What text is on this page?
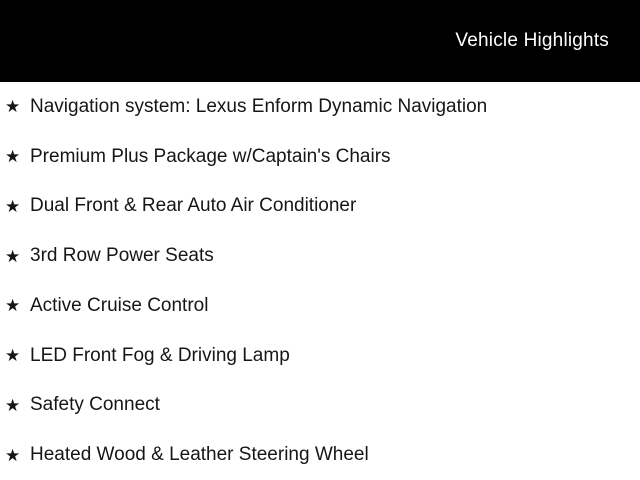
Vehicle Highlights
★ Navigation system: Lexus Enform Dynamic Navigation
★ Premium Plus Package w/Captain's Chairs
★ Dual Front & Rear Auto Air Conditioner
★ 3rd Row Power Seats
★ Active Cruise Control
★ LED Front Fog & Driving Lamp
★ Safety Connect
★ Heated Wood & Leather Steering Wheel
